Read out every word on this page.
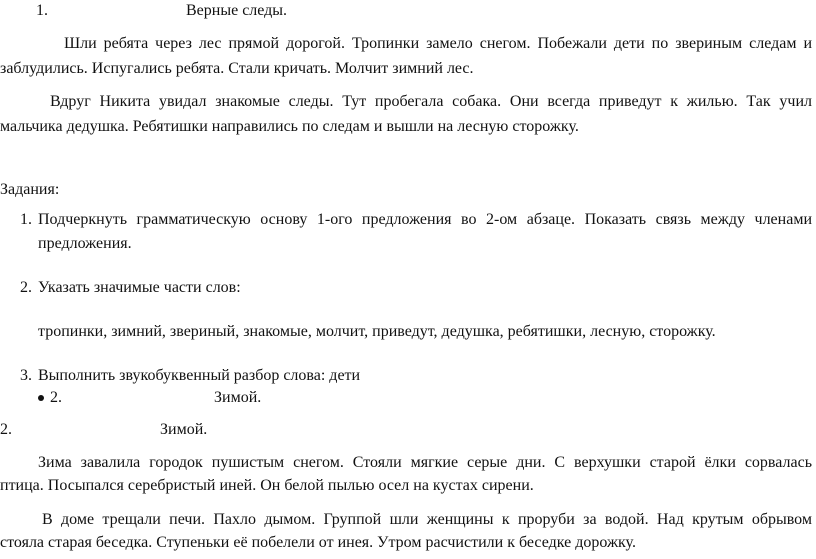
1.	Верные следы.
Шли ребята через лес прямой дорогой. Тропинки замело снегом. Побежали дети по звериным следам и
заблудились. Испугались ребята. Стали кричать. Молчит зимний лес.
Вдруг Никита увидал знакомые следы. Тут пробегала собака. Они всегда приведут к жилью. Так учил
мальчика дедушка. Ребятишки направились по следам и вышли на лесную сторожку.
Задания:
1. Подчеркнуть грамматическую основу 1-ого предложения во 2-ом абзаце. Показать связь между членами
предложения.
2. Указать значимые части слов:
тропинки, зимний, звериный, знакомые, молчит, приведут, дедушка, ребятишки, лесную, сторожку.
3. Выполнить звукобуквенный разбор слова: дети
2.	Зимой.
2.	Зимой.
Зима завалила городок пушистым снегом. Стояли мягкие серые дни. С верхушки старой ёлки сорвалась
птица. Посыпался серебристый иней. Он белой пылью осел на кустах сирени.
В доме трещали печи. Пахло дымом. Группой шли женщины к проруби за водой. Над крутым обрывом
стояла старая беседка. Ступеньки её побелели от инея. Утром расчистили к беседке дорожку.
